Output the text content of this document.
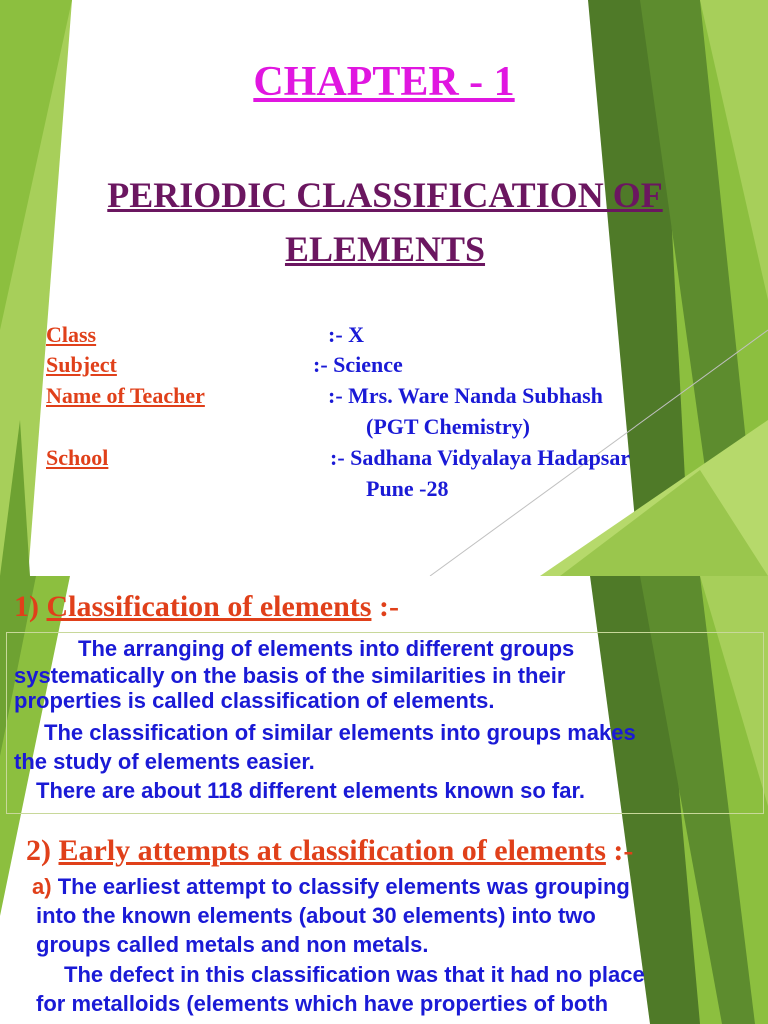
CHAPTER - 1
PERIODIC CLASSIFICATION OF ELEMENTS
Class	:- X
Subject	:- Science
Name of Teacher	:- Mrs. Ware Nanda Subhash
(PGT Chemistry)
School	:- Sadhana Vidyalaya Hadapsar
Pune -28
1) Classification of elements :-
The arranging of elements into different groups
systematically on the basis of the similarities in their
properties is called classification of elements.
The classification of similar elements into groups makes
the study of elements easier.
There are about 118 different elements known so far.
2) Early attempts at classification of elements :-
a) The earliest attempt to classify elements was grouping
into the known elements (about 30 elements) into two
groups called metals and non metals.
The defect in this classification was that it had no place
for metalloids (elements which have properties of both
